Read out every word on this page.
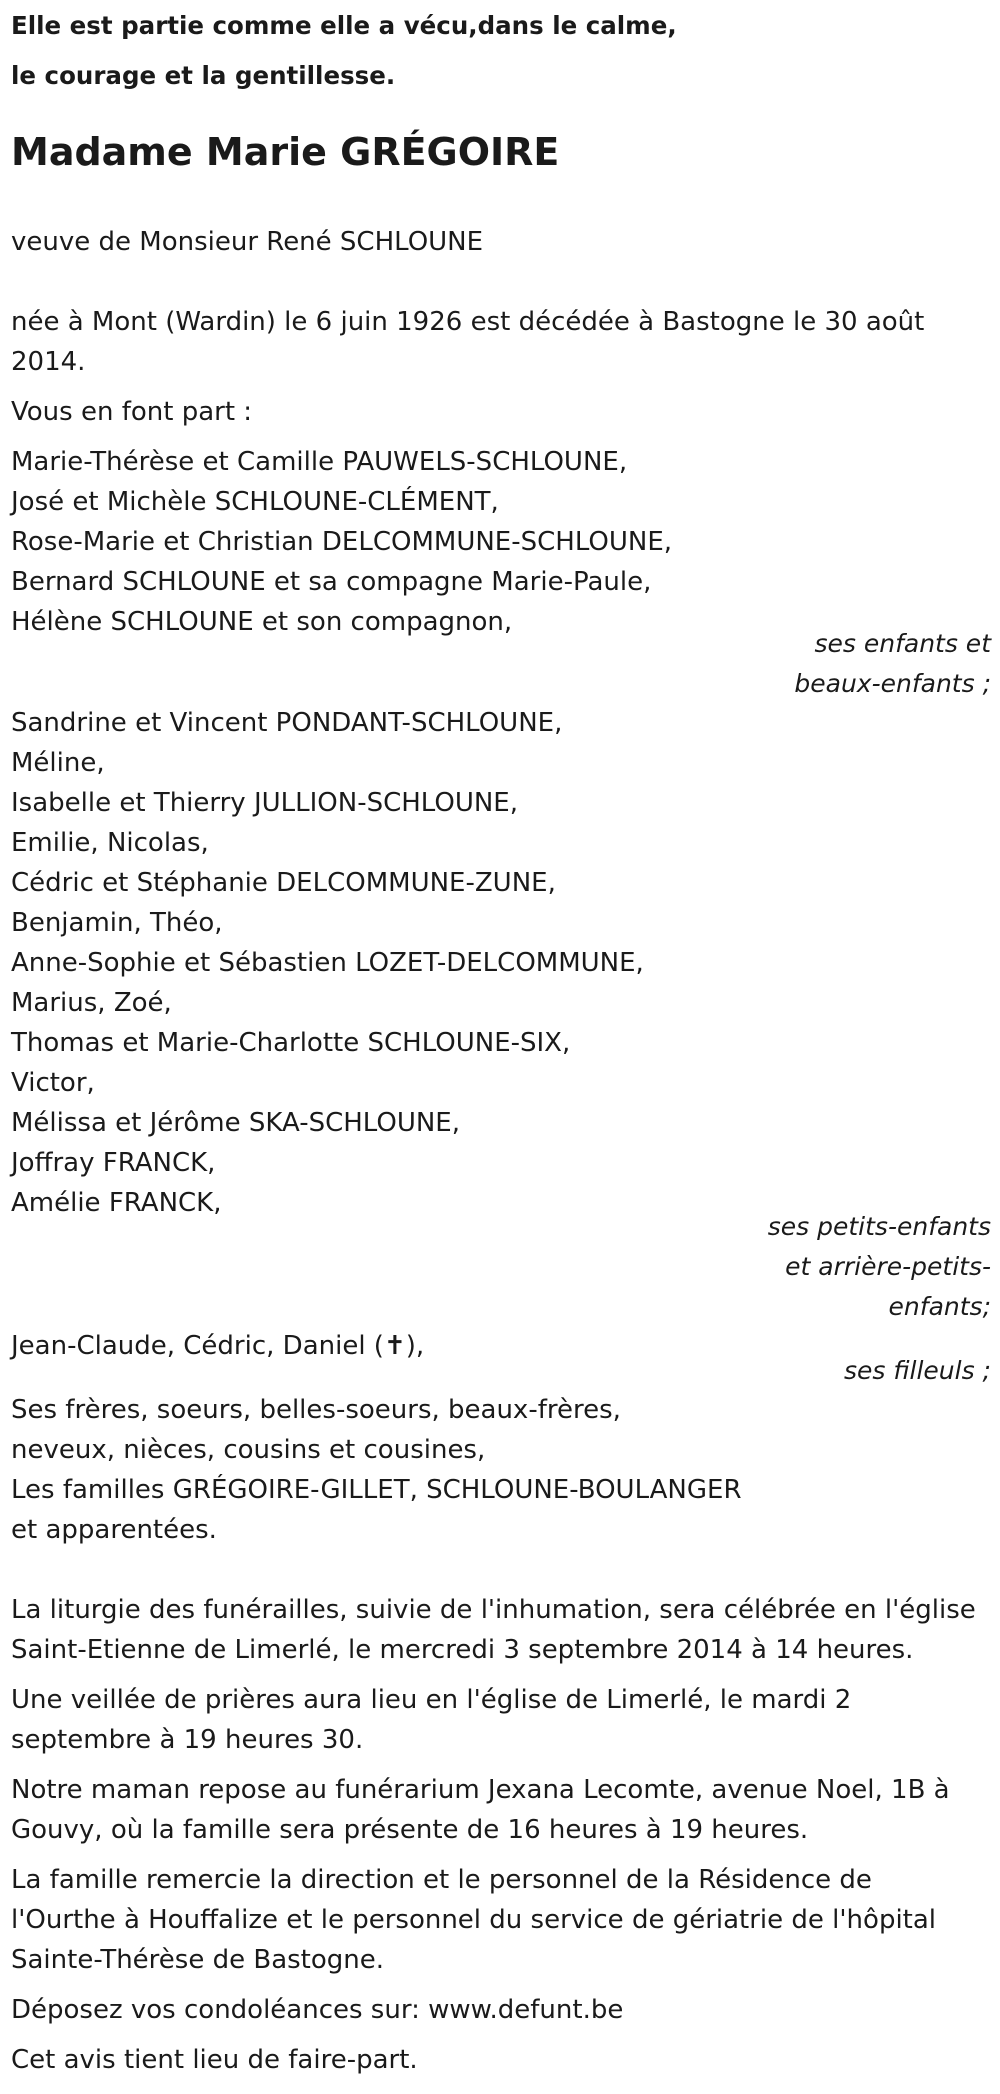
Elle est partie comme elle a vécu,dans le calme,
le courage et la gentillesse.
Madame Marie GRÉGOIRE
veuve de Monsieur René SCHLOUNE
née à Mont (Wardin) le 6 juin 1926 est décédée à Bastogne le 30 août
2014.
Vous en font part :
Marie-Thérèse et Camille PAUWELS-SCHLOUNE,
José et Michèle SCHLOUNE-CLÉMENT,
Rose-Marie et Christian DELCOMMUNE-SCHLOUNE,
Bernard SCHLOUNE et sa compagne Marie-Paule,
Hélène SCHLOUNE et son compagnon,
ses enfants et
beaux-enfants ;
Sandrine et Vincent PONDANT-SCHLOUNE,
Méline,
Isabelle et Thierry JULLION-SCHLOUNE,
Emilie, Nicolas,
Cédric et Stéphanie DELCOMMUNE-ZUNE,
Benjamin, Théo,
Anne-Sophie et Sébastien LOZET-DELCOMMUNE,
Marius, Zoé,
Thomas et Marie-Charlotte SCHLOUNE-SIX,
Victor,
Mélissa et Jérôme SKA-SCHLOUNE,
Joffray FRANCK,
Amélie FRANCK,
ses petits-enfants
et arrière-petits-
enfants;
Jean-Claude, Cédric, Daniel (✝),
ses filleuls ;
Ses frères, soeurs, belles-soeurs, beaux-frères,
neveux, nièces, cousins et cousines,
Les familles GRÉGOIRE-GILLET, SCHLOUNE-BOULANGER
et apparentées.
La liturgie des funérailles, suivie de l'inhumation, sera célébrée en l'église
Saint-Etienne de Limerlé, le mercredi 3 septembre 2014 à 14 heures.
Une veillée de prières aura lieu en l'église de Limerlé, le mardi 2
septembre à 19 heures 30.
Notre maman repose au funérarium Jexana Lecomte, avenue Noel, 1B à
Gouvy, où la famille sera présente de 16 heures à 19 heures.
La famille remercie la direction et le personnel de la Résidence de
l'Ourthe à Houffalize et le personnel du service de gériatrie de l'hôpital
Sainte-Thérèse de Bastogne.
Déposez vos condoléances sur: www.defunt.be
Cet avis tient lieu de faire-part.
